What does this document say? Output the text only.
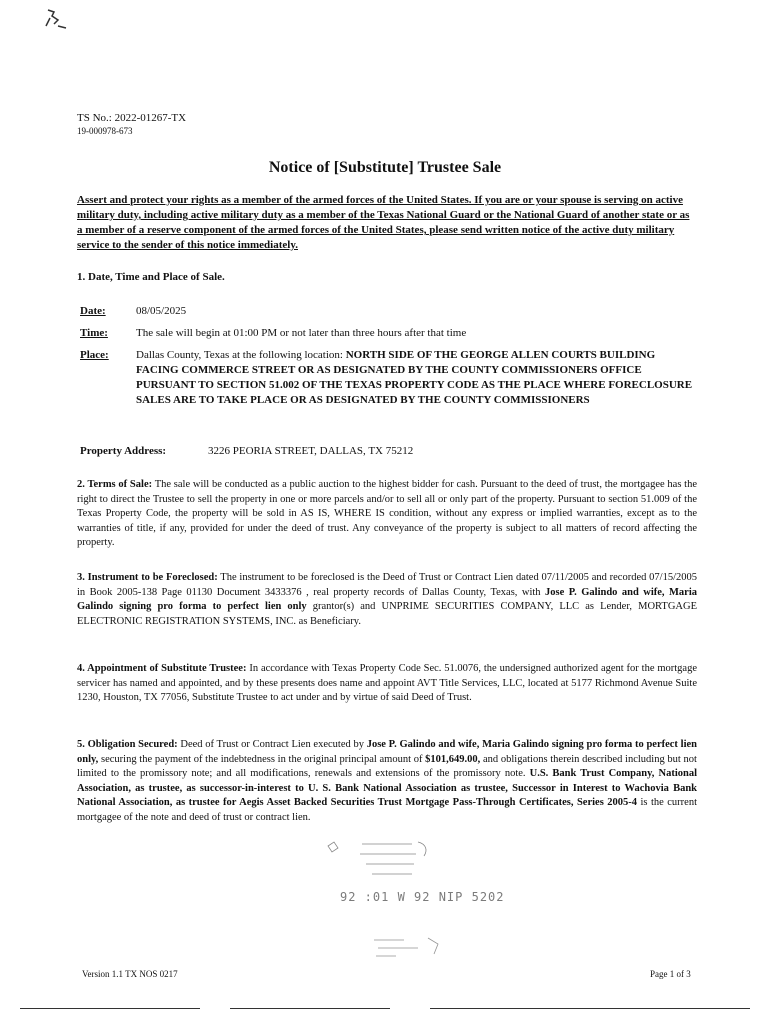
TS No.: 2022-01267-TX
19-000978-673
Notice of [Substitute] Trustee Sale
Assert and protect your rights as a member of the armed forces of the United States. If you are or your spouse is serving on active military duty, including active military duty as a member of the Texas National Guard or the National Guard of another state or as a member of a reserve component of the armed forces of the United States, please send written notice of the active duty military service to the sender of this notice immediately.
1. Date, Time and Place of Sale.
Date:	08/05/2025
Time:	The sale will begin at 01:00 PM or not later than three hours after that time
Place:	Dallas County, Texas at the following location: NORTH SIDE OF THE GEORGE ALLEN COURTS BUILDING FACING COMMERCE STREET OR AS DESIGNATED BY THE COUNTY COMMISSIONERS OFFICE PURSUANT TO SECTION 51.002 OF THE TEXAS PROPERTY CODE AS THE PLACE WHERE FORECLOSURE SALES ARE TO TAKE PLACE OR AS DESIGNATED BY THE COUNTY COMMISSIONERS
Property Address:	3226 PEORIA STREET, DALLAS, TX 75212
2. Terms of Sale: The sale will be conducted as a public auction to the highest bidder for cash. Pursuant to the deed of trust, the mortgagee has the right to direct the Trustee to sell the property in one or more parcels and/or to sell all or only part of the property. Pursuant to section 51.009 of the Texas Property Code, the property will be sold in AS IS, WHERE IS condition, without any express or implied warranties, except as to the warranties of title, if any, provided for under the deed of trust. Any conveyance of the property is subject to all matters of record affecting the property.
3. Instrument to be Foreclosed: The instrument to be foreclosed is the Deed of Trust or Contract Lien dated 07/11/2005 and recorded 07/15/2005 in Book 2005-138 Page 01130 Document 3433376 , real property records of Dallas County, Texas, with Jose P. Galindo and wife, Maria Galindo signing pro forma to perfect lien only grantor(s) and UNPRIME SECURITIES COMPANY, LLC as Lender, MORTGAGE ELECTRONIC REGISTRATION SYSTEMS, INC. as Beneficiary.
4. Appointment of Substitute Trustee: In accordance with Texas Property Code Sec. 51.0076, the undersigned authorized agent for the mortgage servicer has named and appointed, and by these presents does name and appoint AVT Title Services, LLC, located at 5177 Richmond Avenue Suite 1230, Houston, TX 77056, Substitute Trustee to act under and by virtue of said Deed of Trust.
5. Obligation Secured: Deed of Trust or Contract Lien executed by Jose P. Galindo and wife, Maria Galindo signing pro forma to perfect lien only, securing the payment of the indebtedness in the original principal amount of $101,649.00, and obligations therein described including but not limited to the promissory note; and all modifications, renewals and extensions of the promissory note. U.S. Bank Trust Company, National Association, as trustee, as successor-in-interest to U. S. Bank National Association as trustee, Successor in Interest to Wachovia Bank National Association, as trustee for Aegis Asset Backed Securities Trust Mortgage Pass-Through Certificates, Series 2005-4 is the current mortgagee of the note and deed of trust or contract lien.
92 :01 W 92 NIP 5202
Version 1.1 TX NOS 0217	Page 1 of 3
